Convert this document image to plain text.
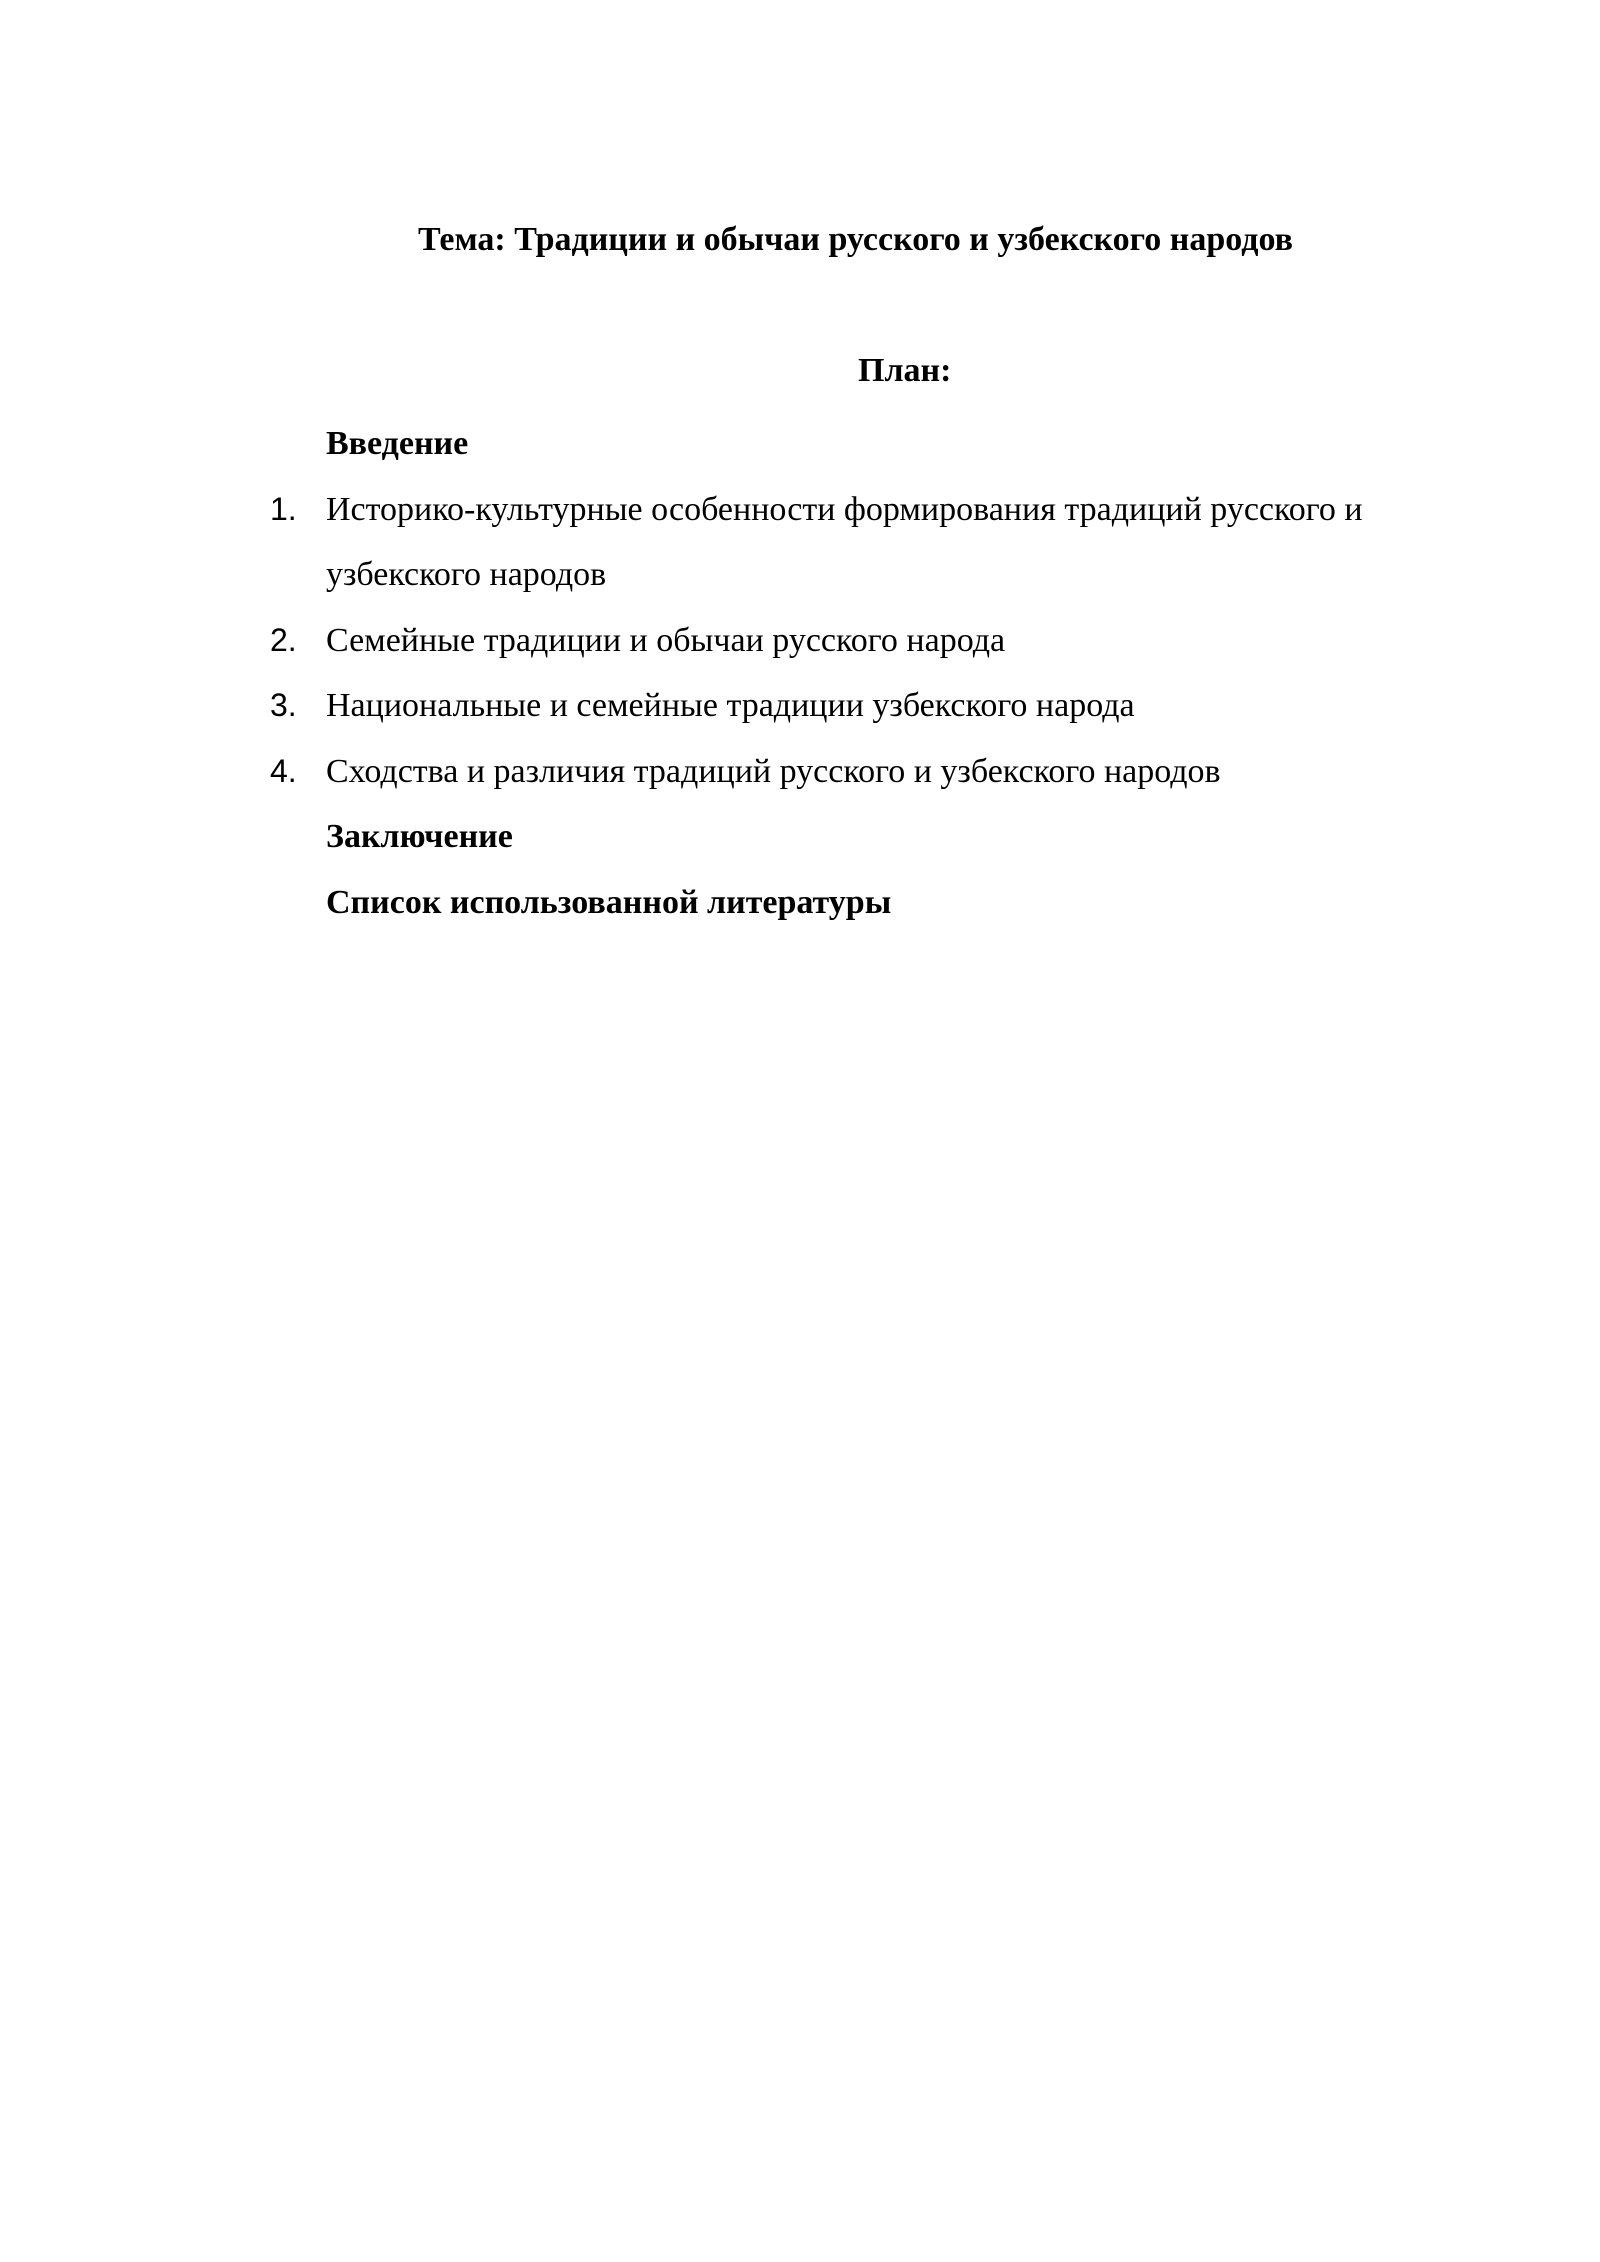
Тема: Традиции и обычаи русского и узбекского народов
План:
Введение
1. Историко-культурные особенности формирования традиций русского и узбекского народов
2. Семейные традиции и обычаи русского народа
3. Национальные и семейные традиции узбекского народа
4. Сходства и различия традиций русского и узбекского народов
Заключение
Список использованной литературы
